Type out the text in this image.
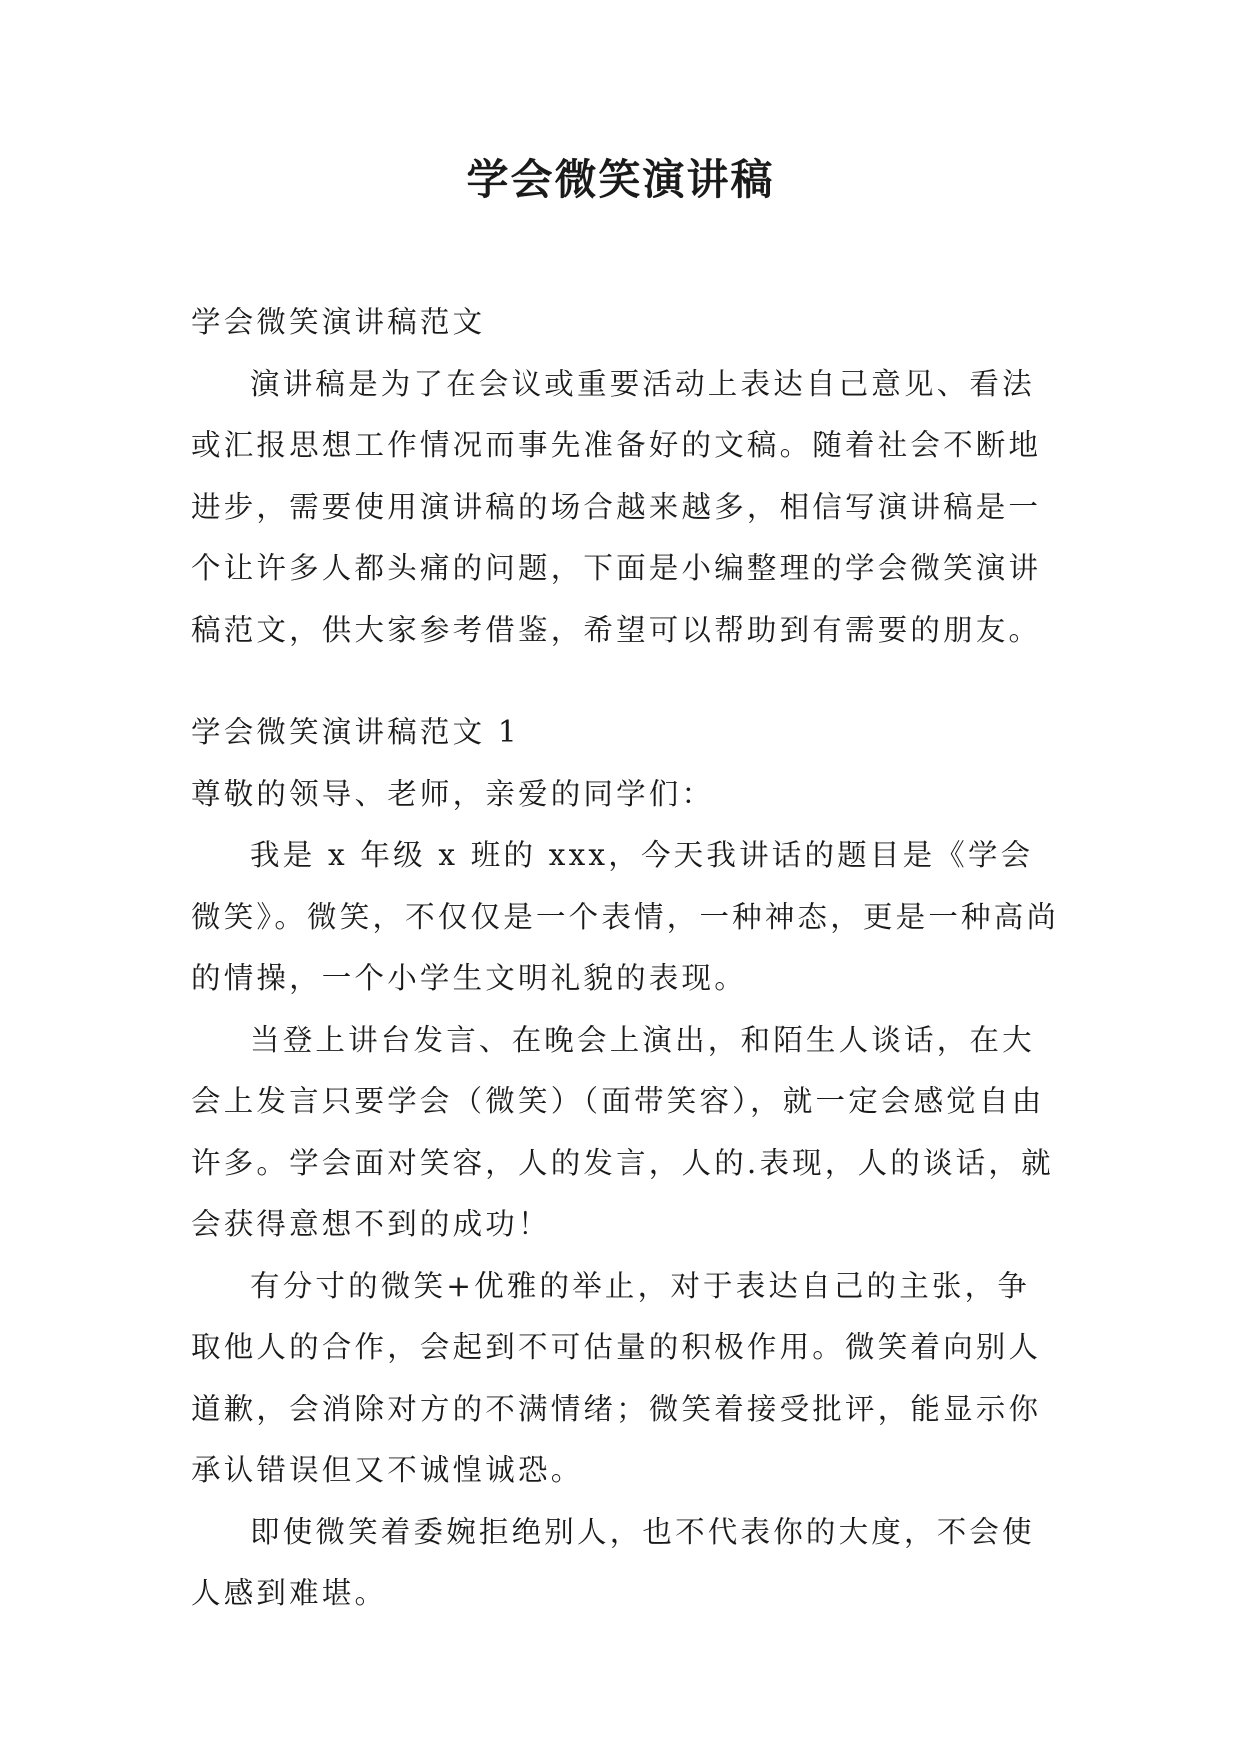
学会微笑演讲稿

学会微笑演讲稿范文

演讲稿是为了在会议或重要活动上表达自己意见、看法或汇报思想工作情况而事先准备好的文稿。随着社会不断地进步，需要使用演讲稿的场合越来越多，相信写演讲稿是一个让许多人都头痛的问题，下面是小编整理的学会微笑演讲稿范文，供大家参考借鉴，希望可以帮助到有需要的朋友。

学会微笑演讲稿范文 1

尊敬的领导、老师，亲爱的同学们：

我是 x 年级 x 班的 xxx，今天我讲话的题目是《学会微笑》。微笑，不仅仅是一个表情，一种神态，更是一种高尚的情操，一个小学生文明礼貌的表现。

当登上讲台发言、在晚会上演出，和陌生人谈话，在大会上发言只要学会（微笑）（面带笑容），就一定会感觉自由许多。学会面对笑容，人的发言，人的.表现，人的谈话，就会获得意想不到的成功！

有分寸的微笑+优雅的举止，对于表达自己的主张，争取他人的合作，会起到不可估量的积极作用。微笑着向别人道歉，会消除对方的不满情绪；微笑着接受批评，能显示你承认错误但又不诚惶诚恐。

即使微笑着委婉拒绝别人，也不代表你的大度，不会使人感到难堪。
